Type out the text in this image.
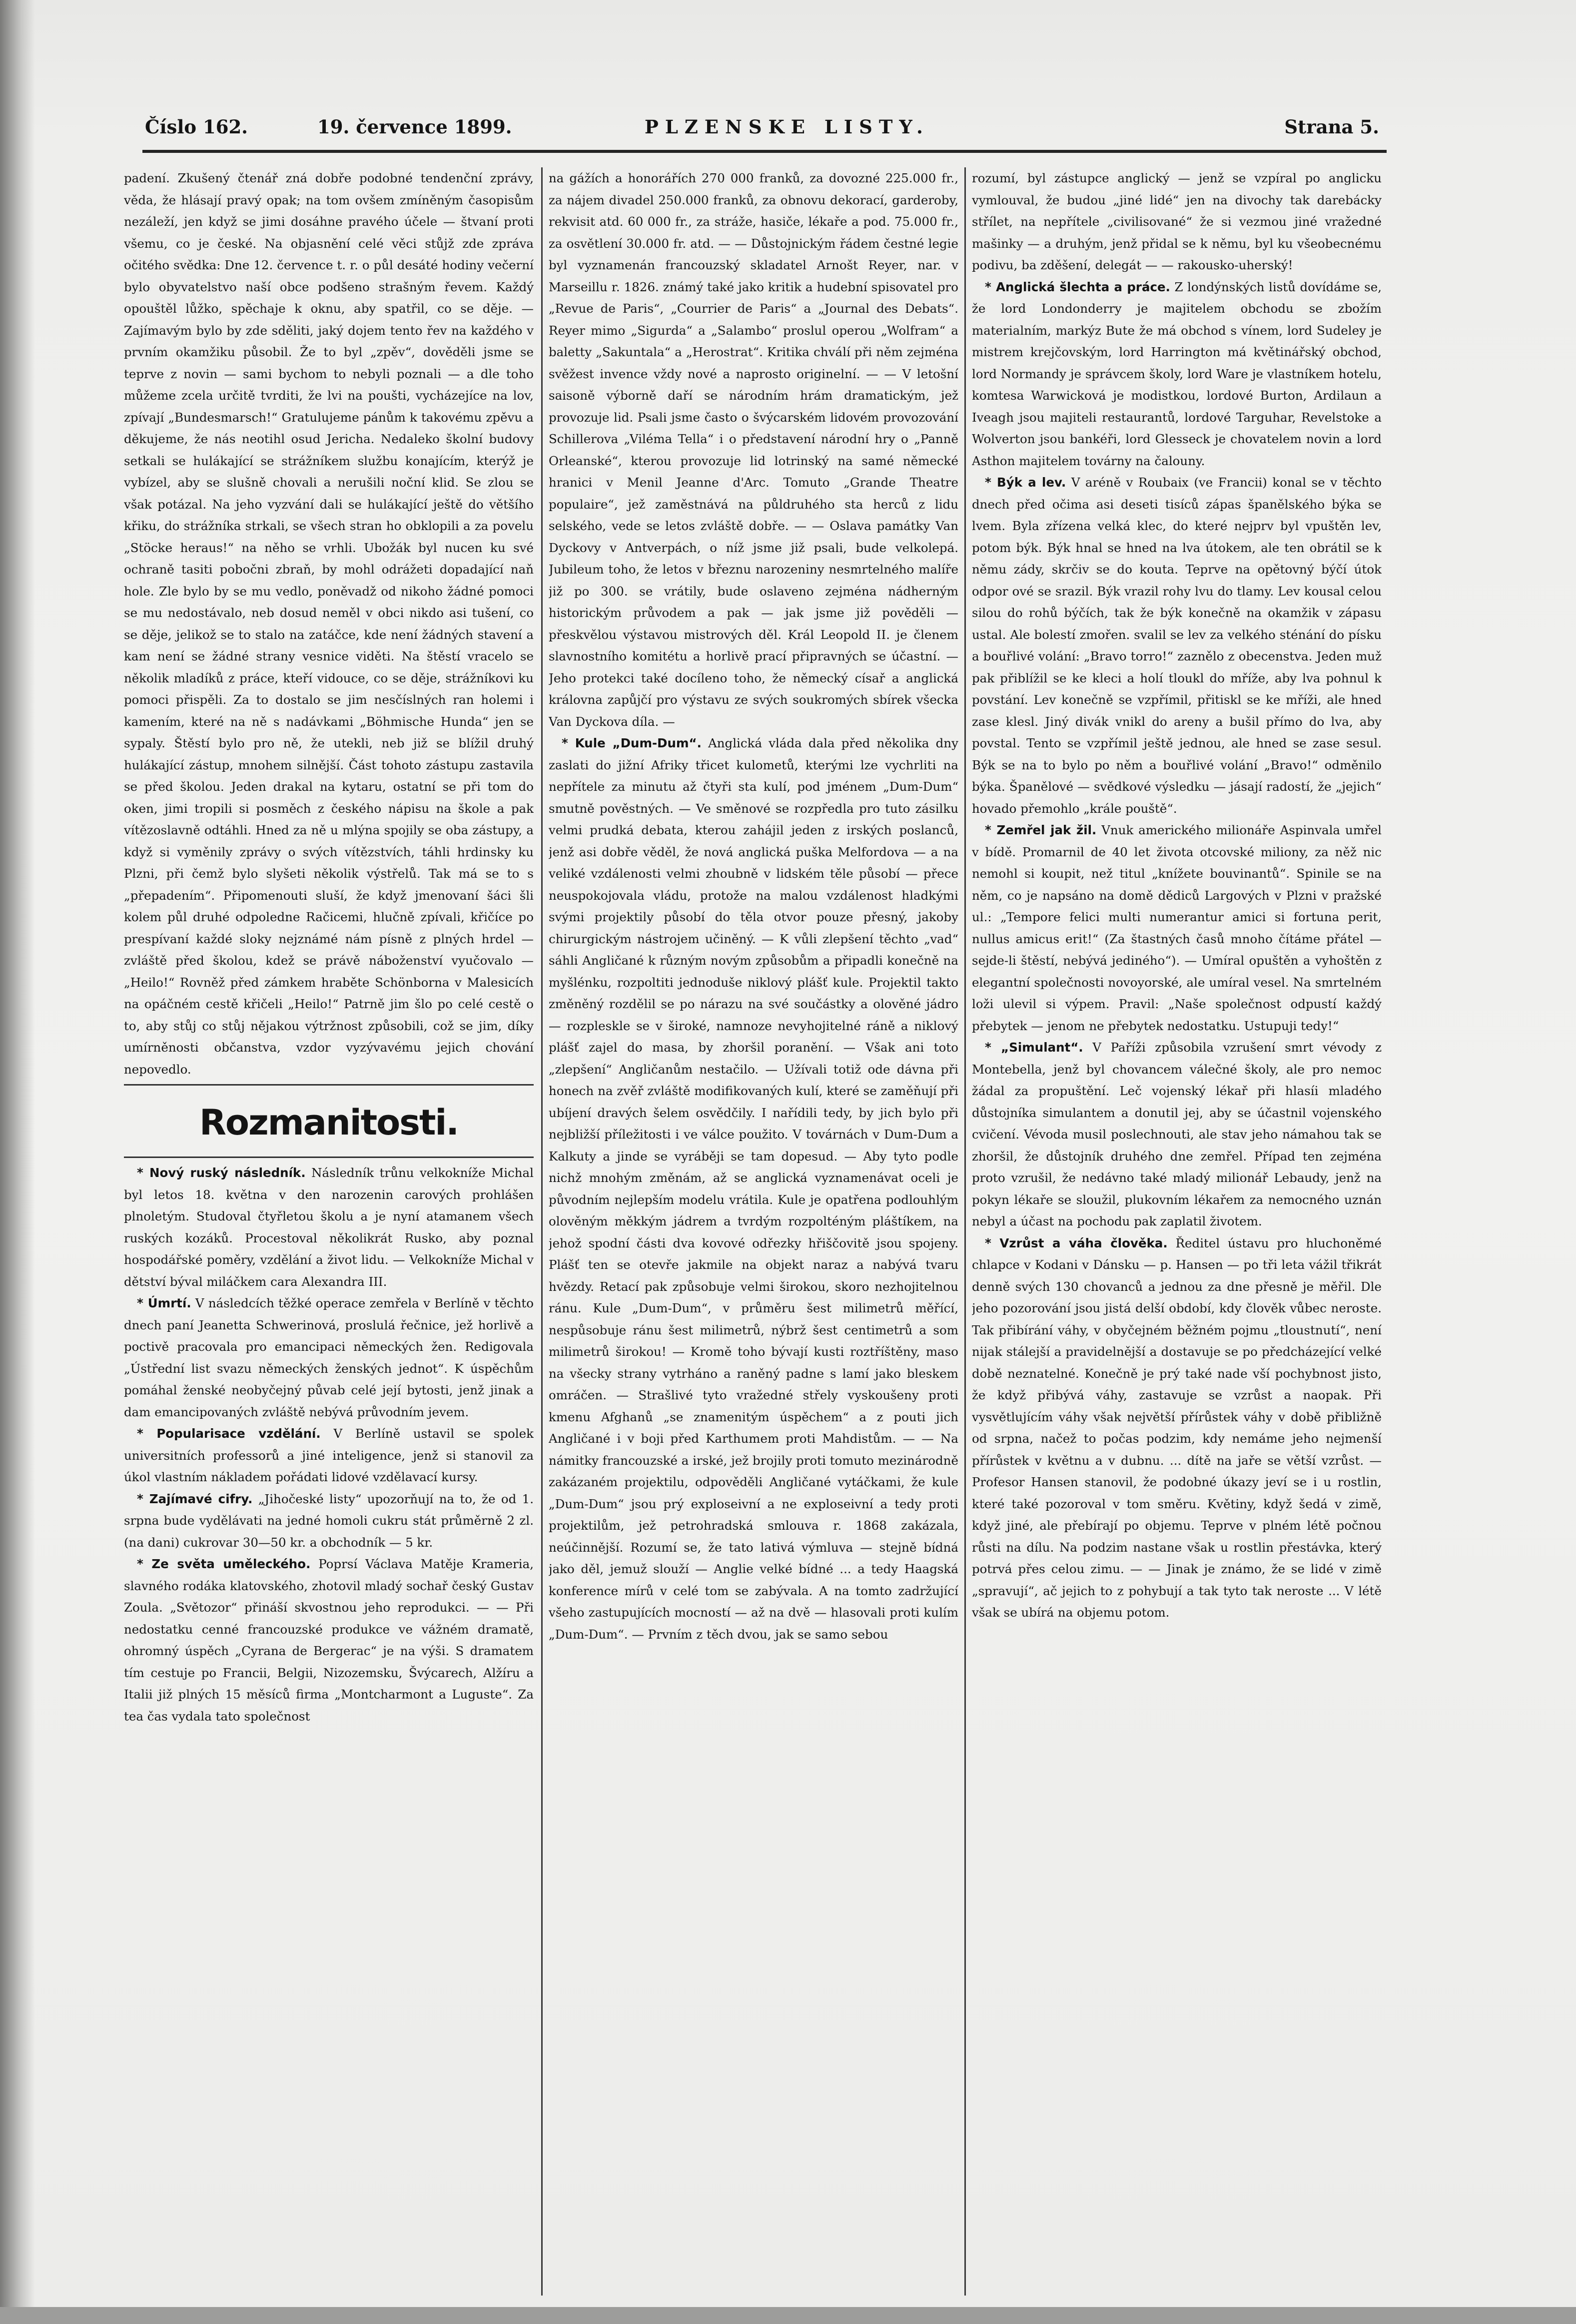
Číslo 162.	19. července 1899.	PLZENSKE LISTY.	Strana 5.

padení. Zkušený čtenář zná dobře podobné tendenční zprávy, věda, že hlásají pravý opak; na tom ovšem zmíněným časopisům nezáleží, jen když se jimi dosáhne pravého účele — štvaní proti všemu, co je české. Na objasnění celé věci stůjž zde zpráva očitého svědka: Dne 12. července t. r. o půl desáté hodiny večerní bylo obyvatelstvo naší obce podšeno strašným řevem. Každý opouštěl lůžko, spěchaje k oknu, aby spatřil, co se děje. — Zajímavým bylo by zde sděliti, jaký dojem tento řev na každého v prvním okamžiku působil. Že to byl „zpěv“, dověděli jsme se teprve z novin — sami bychom to nebyli poznali — a dle toho můžeme zcela určitě tvrditi, že lvi na poušti, vycházejíce na lov, zpívají „Bundesmarsch!“ Gratulujeme pánům k takovému zpěvu a děkujeme, že nás neotihl osud Jericha. Nedaleko školní budovy setkali se hulákající se strážníkem službu konajícím, kterýž je vybízel, aby se slušně chovali a nerušili noční klid. Se zlou se však potázal. Na jeho vyzvání dali se hulákající ještě do většího křiku, do strážníka strkali, se všech stran ho obklopili a za povelu „Stöcke heraus!“ na něho se vrhli. Ubožák byl nucen ku své ochraně tasiti pobočni zbraň, by mohl odrážeti dopadající naň hole. Zle bylo by se mu vedlo, poněvadž od nikoho žádné pomoci se mu nedostávalo, neb dosud neměl v obci nikdo asi tušení, co se děje, jelikož se to stalo na zatáčce, kde není žádných stavení a kam není se žádné strany vesnice viděti. Na štěstí vracelo se několik mladíků z práce, kteří vidouce, co se děje, strážníkovi ku pomoci přispěli. Za to dostalo se jim nesčíslných ran holemi i kamením, které na ně s nadávkami „Böhmische Hunda“ jen se sypaly. Štěstí bylo pro ně, že utekli, neb již se blížil druhý hulákající zástup, mnohem silnější. Část tohoto zástupu zastavila se před školou. Jeden drakal na kytaru, ostatní se při tom do oken, jimi tropili si posměch z českého nápisu na škole a pak vítězoslavně odtáhli. Hned za ně u mlýna spojily se oba zástupy, a když si vyměnily zprávy o svých vítězstvích, táhli hrdinsky ku Plzni, při čemž bylo slyšeti několik výstřelů. Tak má se to s „přepadením“. Připomenouti sluší, že když jmenovaní šáci šli kolem půl druhé odpoledne Račicemi, hlučně zpívali, křičíce po prespívaní každé sloky nejznámé nám písně z plných hrdel — zvláště před školou, kdež se právě náboženství vyučovalo — „Heilo!“ Rovněž před zámkem hraběte Schönborna v Malesicích na opáčném cestě křičeli „Heilo!“ Patrně jim šlo po celé cestě o to, aby stůj co stůj nějakou výtržnost způsobili, což se jim, díky umírněnosti občanstva, vzdor vyzývavému jejich chování nepovedlo.

Rozmanitosti.

* Nový ruský následník. Následník trůnu velkokníže Michal byl letos 18. května v den narozenin carových prohlášen plnoletým. Studoval čtyřletou školu a je nyní atamanem všech ruských kozáků. Procestoval několikrát Rusko, aby poznal hospodářské poměry, vzdělání a život lidu. — Velkokníže Michal v dětství býval miláčkem cara Alexandra III.

* Úmrtí. V následcích těžké operace zemřela v Berlíně v těchto dnech paní Jeanetta Schwerinová, proslulá řečnice, jež horlivě a poctivě pracovala pro emancipaci německých žen. Redigovala „Ústřední list svazu německých ženských jednot“. K úspěchům pomáhal ženské neobyčejný půvab celé její bytosti, jenž jinak a dam emancipovaných zvláště nebývá průvodním jevem.

* Popularisace vzdělání. V Berlíně ustavil se spolek universitních professorů a jiné inteligence, jenž si stanovil za úkol vlastním nákladem pořádati lidové vzdělavací kursy.

* Zajímavé cifry. „Jihočeské listy“ upozorňují na to, že od 1. srpna bude vydělávati na jedné homoli cukru stát průměrně 2 zl. (na dani) cukrovar 30—50 kr. a obchodník — 5 kr.

* Ze světa uměleckého. Poprsí Václava Matěje Krameria, slavného rodáka klatovského, zhotovil mladý sochař český Gustav Zoula. „Světozor“ přináší skvostnou jeho reprodukci. — — Při nedostatku cenné francouzské produkce ve vážném dramatě, ohromný úspěch „Cyrana de Bergerac“ je na výši. S dramatem tím cestuje po Francii, Belgii, Nizozemsku, Švýcarech, Alžíru a Italii již plných 15 měsíců firma „Montcharmont a Luguste“. Za tea čas vydala tato společnost

na gážích a honorářích 270 000 franků, za dovozné 225.000 fr., za nájem divadel 250.000 franků, za obnovu dekorací, garderoby, rekvisit atd. 60 000 fr., za stráže, hasiče, lékaře a pod. 75.000 fr., za osvětlení 30.000 fr. atd. — — Důstojnickým řádem čestné legie byl vyznamenán francouzský skladatel Arnošt Reyer, nar. v Marseillu r. 1826. známý také jako kritik a hudební spisovatel pro „Revue de Paris“, „Courrier de Paris“ a „Journal des Debats“. Reyer mimo „Sigurda“ a „Salambo“ proslul operou „Wolfram“ a baletty „Sakuntala“ a „Herostrat“. Kritika chválí při něm zejména svěžest invence vždy nové a naprosto originelní. — — V letošní saisoně výborně daří se národním hrám dramatickým, jež provozuje lid. Psali jsme často o švýcarském lidovém provozování Schillerova „Viléma Tella“ i o představení národní hry o „Panně Orleanské“, kterou provozuje lid lotrinský na samé německé hranici v Menil Jeanne d'Arc. Tomuto „Grande Theatre populaire“, jež zaměstnává na půldruhého sta herců z lidu selského, vede se letos zvláště dobře. — — Oslava památky Van Dyckovy v Antverpách, o níž jsme již psali, bude velkolepá. Jubileum toho, že letos v březnu narozeniny nesmrtelného malíře již po 300. se vrátily, bude oslaveno zejména nádherným historickým průvodem a pak — jak jsme již pověděli — přeskvělou výstavou mistrových děl. Král Leopold II. je členem slavnostního komitétu a horlivě prací připravných se účastní. — Jeho protekci také docíleno toho, že německý císař a anglická královna zapůjčí pro výstavu ze svých soukromých sbírek všecka Van Dyckova díla. —

* Kule „Dum-Dum“. Anglická vláda dala před několika dny zaslati do jižní Afriky třicet kulometů, kterými lze vychrliti na nepřítele za minutu až čtyři sta kulí, pod jménem „Dum-Dum“ smutně pověstných. — Ve směnové se rozpředla pro tuto zásilku velmi prudká debata, kterou zahájil jeden z irských poslanců, jenž asi dobře věděl, že nová anglická puška Melfordova — a na veliké vzdálenosti velmi zhoubně v lidském těle působí — přece neuspokojovala vládu, protože na malou vzdálenost hladkými svými projektily působí do těla otvor pouze přesný, jakoby chirurgickým nástrojem učiněný. — K vůli zlepšení těchto „vad“ sáhli Angličané k různým novým způsobům a připadli konečně na myšlénku, rozpoltiti jednoduše niklový plášť kule. Projektil takto změněný rozdělil se po nárazu na své součástky a olověné jádro — rozpleskle se v široké, namnoze nevyhojitelné ráně a niklový plášť zajel do masa, by zhoršil poranění. — Však ani toto „zlepšení“ Angličanům nestačilo. — Užívali totiž ode dávna při honech na zvěř zvláště modifikovaných kulí, které se zaměňují při ubíjení dravých šelem osvědčily. I nařídili tedy, by jich bylo při nejbližší příležitosti i ve válce použito. V továrnách v Dum-Dum a Kalkuty a jinde se vyráběji se tam dopesud. — Aby tyto podle nichž mnohým změnám, až se anglická vyznamenávat oceli je původním nejlepším modelu vrátila. Kule je opatřena podlouhlým olověným měkkým jádrem a tvrdým rozpolténým pláštíkem, na jehož spodní části dva kovové odřezky hřiščovitě jsou spojeny. Plášť ten se otevře jakmile na objekt naraz a nabývá tvaru hvězdy. Retací pak způsobuje velmi širokou, skoro nezhojitelnou ránu. Kule „Dum-Dum“, v průměru šest milimetrů měřící, nespůsobuje ránu šest milimetrů, nýbrž šest centimetrů a som milimetrů širokou! — Kromě toho bývají kusti roztříštěny, maso na všecky strany vytrháno a raněný padne s lamí jako bleskem omráčen. — Strašlivé tyto vražedné střely vyskoušeny proti kmenu Afghanů „se znamenitým úspěchem“ a z pouti jich Angličané i v boji před Karthumem proti Mahdistům. — — Na námitky francouzské a irské, jež brojily proti tomuto mezinárodně zakázaném projektilu, odpověděli Angličané vytáčkami, že kule „Dum-Dum“ jsou prý exploseivní a ne exploseivní a tedy proti projektilům, jež petrohradská smlouva r. 1868 zakázala, neúčinnější. Rozumí se, že tato lativá výmluva — stejně bídná jako děl, jemuž slouží — Anglie velké bídné ... a tedy Haagská konference mírů v celé tom se zabývala. A na tomto zadržující všeho zastupujících mocností — až na dvě — hlasovali proti kulím „Dum-Dum“. — Prvním z těch dvou, jak se samo sebou

rozumí, byl zástupce anglický — jenž se vzpíral po anglicku vymlouval, že budou „jiné lidé“ jen na divochy tak darebácky střílet, na nepřítele „civilisované“ že si vezmou jiné vražedné mašinky — a druhým, jenž přidal se k němu, byl ku všeobecnému podivu, ba zděšení, delegát — — rakousko-uherský!

* Anglická šlechta a práce. Z londýnských listů dovídáme se, že lord Londonderry je majitelem obchodu se zbožím materialním, markýz Bute že má obchod s vínem, lord Sudeley je mistrem krejčovským, lord Harrington má květinářský obchod, lord Normandy je správcem školy, lord Ware je vlastníkem hotelu, komtesa Warwicková je modistkou, lordové Burton, Ardilaun a Iveagh jsou majiteli restaurantů, lordové Targuhar, Revelstoke a Wolverton jsou bankéři, lord Glesseck je chovatelem novin a lord Asthon majitelem továrny na čalouny.

* Býk a lev. V aréně v Roubaix (ve Francii) konal se v těchto dnech před očima asi deseti tisíců zápas španělského býka se lvem. Byla zřízena velká klec, do které nejprv byl vpuštěn lev, potom býk. Býk hnal se hned na lva útokem, ale ten obrátil se k němu zády, skrčiv se do kouta. Teprve na opětovný býčí útok odpor ové se srazil. Býk vrazil rohy lvu do tlamy. Lev kousal celou silou do rohů býčích, tak že býk konečně na okamžik v zápasu ustal. Ale bolestí zmořen. svalil se lev za velkého sténání do písku a bouřlivé volání: „Bravo torro!“ zaznělo z obecenstva. Jeden muž pak přiblížil se ke kleci a holí tloukl do mříže, aby lva pohnul k povstání. Lev konečně se vzpřímil, přitiskl se ke mříži, ale hned zase klesl. Jiný divák vnikl do areny a bušil přímo do lva, aby povstal. Tento se vzpřímil ještě jednou, ale hned se zase sesul. Býk se na to bylo po něm a bouřlivé volání „Bravo!“ odměnilo býka. Španělové — svědkové výsledku — jásají radostí, že „jejich“ hovado přemohlo „krále pouště“.

* Zemřel jak žil. Vnuk amerického milionáře Aspinvala umřel v bídě. Promarnil de 40 let života otcovské miliony, za něž nic nemohl si koupit, než titul „knížete bouvinantů“. Spinile se na něm, co je napsáno na domě dědiců Largových v Plzni v pražské ul.: „Tempore felici multi numerantur amici si fortuna perit, nullus amicus erit!“ (Za štastných časů mnoho čítáme přátel — sejde-li štěstí, nebývá jediného“). — Umíral opuštěn a vyhoštěn z elegantní společnosti novoyorské, ale umíral vesel. Na smrtelném loži ulevil si výpem. Pravil: „Naše společnost odpustí každý přebytek — jenom ne přebytek nedostatku. Ustupuji tedy!“

* „Simulant“. V Paříži způsobila vzrušení smrt vévody z Montebella, jenž byl chovancem válečné školy, ale pro nemoc žádal za propuštění. Leč vojenský lékař při hlasíi mladého důstojníka simulantem a donutil jej, aby se účastnil vojenského cvičení. Vévoda musil poslechnouti, ale stav jeho námahou tak se zhoršil, že důstojník druhého dne zemřel. Případ ten zejména proto vzrušil, že nedávno také mladý milionář Lebaudy, jenž na pokyn lékaře se sloužil, plukovním lékařem za nemocného uznán nebyl a účast na pochodu pak zaplatil životem.

* Vzrůst a váha člověka. Ředitel ústavu pro hluchoněmé chlapce v Kodani v Dánsku — p. Hansen — po tři leta vážil třikrát denně svých 130 chovanců a jednou za dne přesně je měřil. Dle jeho pozorování jsou jistá delší období, kdy člověk vůbec neroste. Tak přibírání váhy, v obyčejném běžném pojmu „tloustnutí“, není nijak stálejší a pravidelnější a dostavuje se po předcházející velké době neznatelné. Konečně je prý také nade vší pochybnost jisto, že když přibývá váhy, zastavuje se vzrůst a naopak. Při vysvětlujícím váhy však největší přírůstek váhy v době přibližně od srpna, načež to počas podzim, kdy nemáme jeho nejmenší přírůstek v květnu a v dubnu. ... dítě na jaře se větší vzrůst. — Profesor Hansen stanovil, že podobné úkazy jeví se i u rostlin, které také pozoroval v tom směru. Květiny, když šedá v zimě, když jiné, ale přebírají po objemu. Teprve v plném létě počnou růsti na dílu. Na podzim nastane však u rostlin přestávka, který potrvá přes celou zimu. — — Jinak je známo, že se lidé v zimě „spravují“, ač jejich to z pohybují a tak tyto tak neroste ... V létě však se ubírá na objemu potom.
